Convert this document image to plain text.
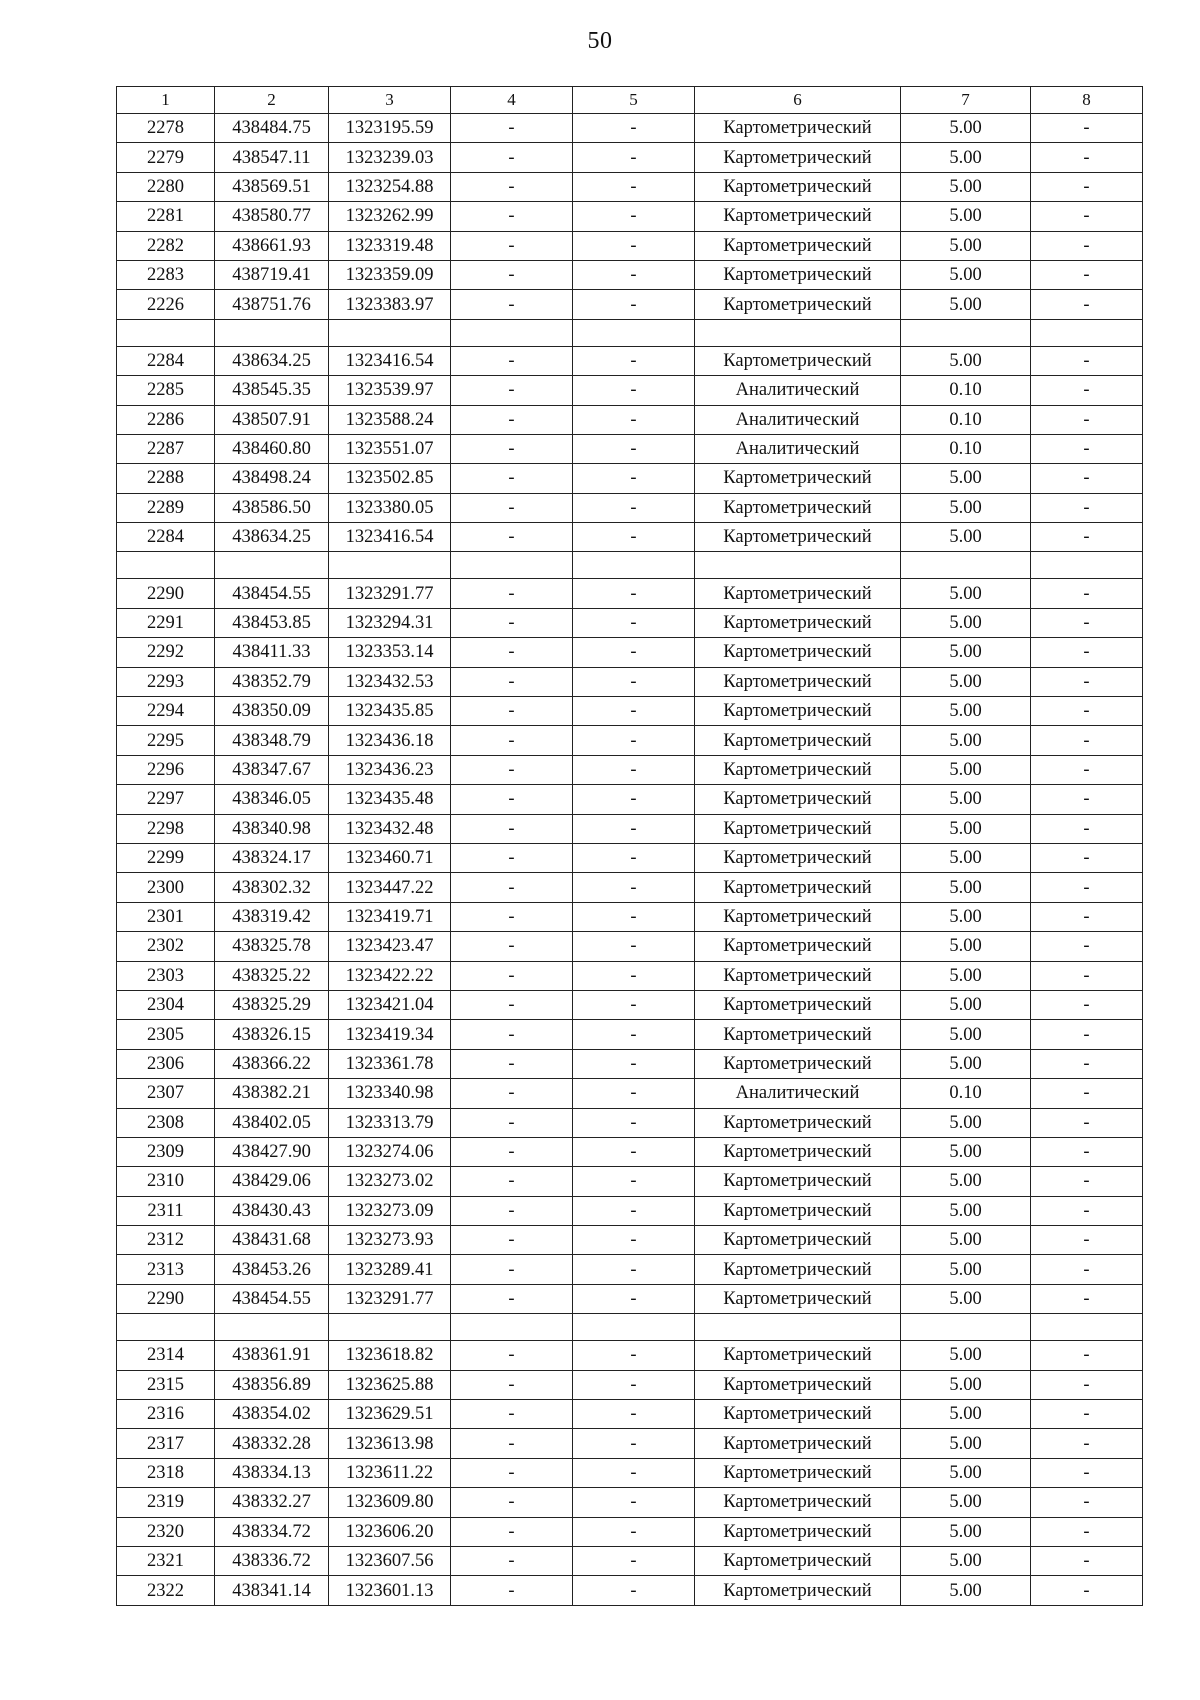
50
1	2	3	4	5	6	7	8
2278	438484.75	1323195.59	-	-	Картометрический	5.00	-
2279	438547.11	1323239.03	-	-	Картометрический	5.00	-
2280	438569.51	1323254.88	-	-	Картометрический	5.00	-
2281	438580.77	1323262.99	-	-	Картометрический	5.00	-
2282	438661.93	1323319.48	-	-	Картометрический	5.00	-
2283	438719.41	1323359.09	-	-	Картометрический	5.00	-
2226	438751.76	1323383.97	-	-	Картометрический	5.00	-

2284	438634.25	1323416.54	-	-	Картометрический	5.00	-
2285	438545.35	1323539.97	-	-	Аналитический	0.10	-
2286	438507.91	1323588.24	-	-	Аналитический	0.10	-
2287	438460.80	1323551.07	-	-	Аналитический	0.10	-
2288	438498.24	1323502.85	-	-	Картометрический	5.00	-
2289	438586.50	1323380.05	-	-	Картометрический	5.00	-
2284	438634.25	1323416.54	-	-	Картометрический	5.00	-

2290	438454.55	1323291.77	-	-	Картометрический	5.00	-
2291	438453.85	1323294.31	-	-	Картометрический	5.00	-
2292	438411.33	1323353.14	-	-	Картометрический	5.00	-
2293	438352.79	1323432.53	-	-	Картометрический	5.00	-
2294	438350.09	1323435.85	-	-	Картометрический	5.00	-
2295	438348.79	1323436.18	-	-	Картометрический	5.00	-
2296	438347.67	1323436.23	-	-	Картометрический	5.00	-
2297	438346.05	1323435.48	-	-	Картометрический	5.00	-
2298	438340.98	1323432.48	-	-	Картометрический	5.00	-
2299	438324.17	1323460.71	-	-	Картометрический	5.00	-
2300	438302.32	1323447.22	-	-	Картометрический	5.00	-
2301	438319.42	1323419.71	-	-	Картометрический	5.00	-
2302	438325.78	1323423.47	-	-	Картометрический	5.00	-
2303	438325.22	1323422.22	-	-	Картометрический	5.00	-
2304	438325.29	1323421.04	-	-	Картометрический	5.00	-
2305	438326.15	1323419.34	-	-	Картометрический	5.00	-
2306	438366.22	1323361.78	-	-	Картометрический	5.00	-
2307	438382.21	1323340.98	-	-	Аналитический	0.10	-
2308	438402.05	1323313.79	-	-	Картометрический	5.00	-
2309	438427.90	1323274.06	-	-	Картометрический	5.00	-
2310	438429.06	1323273.02	-	-	Картометрический	5.00	-
2311	438430.43	1323273.09	-	-	Картометрический	5.00	-
2312	438431.68	1323273.93	-	-	Картометрический	5.00	-
2313	438453.26	1323289.41	-	-	Картометрический	5.00	-
2290	438454.55	1323291.77	-	-	Картометрический	5.00	-

2314	438361.91	1323618.82	-	-	Картометрический	5.00	-
2315	438356.89	1323625.88	-	-	Картометрический	5.00	-
2316	438354.02	1323629.51	-	-	Картометрический	5.00	-
2317	438332.28	1323613.98	-	-	Картометрический	5.00	-
2318	438334.13	1323611.22	-	-	Картометрический	5.00	-
2319	438332.27	1323609.80	-	-	Картометрический	5.00	-
2320	438334.72	1323606.20	-	-	Картометрический	5.00	-
2321	438336.72	1323607.56	-	-	Картометрический	5.00	-
2322	438341.14	1323601.13	-	-	Картометрический	5.00	-
